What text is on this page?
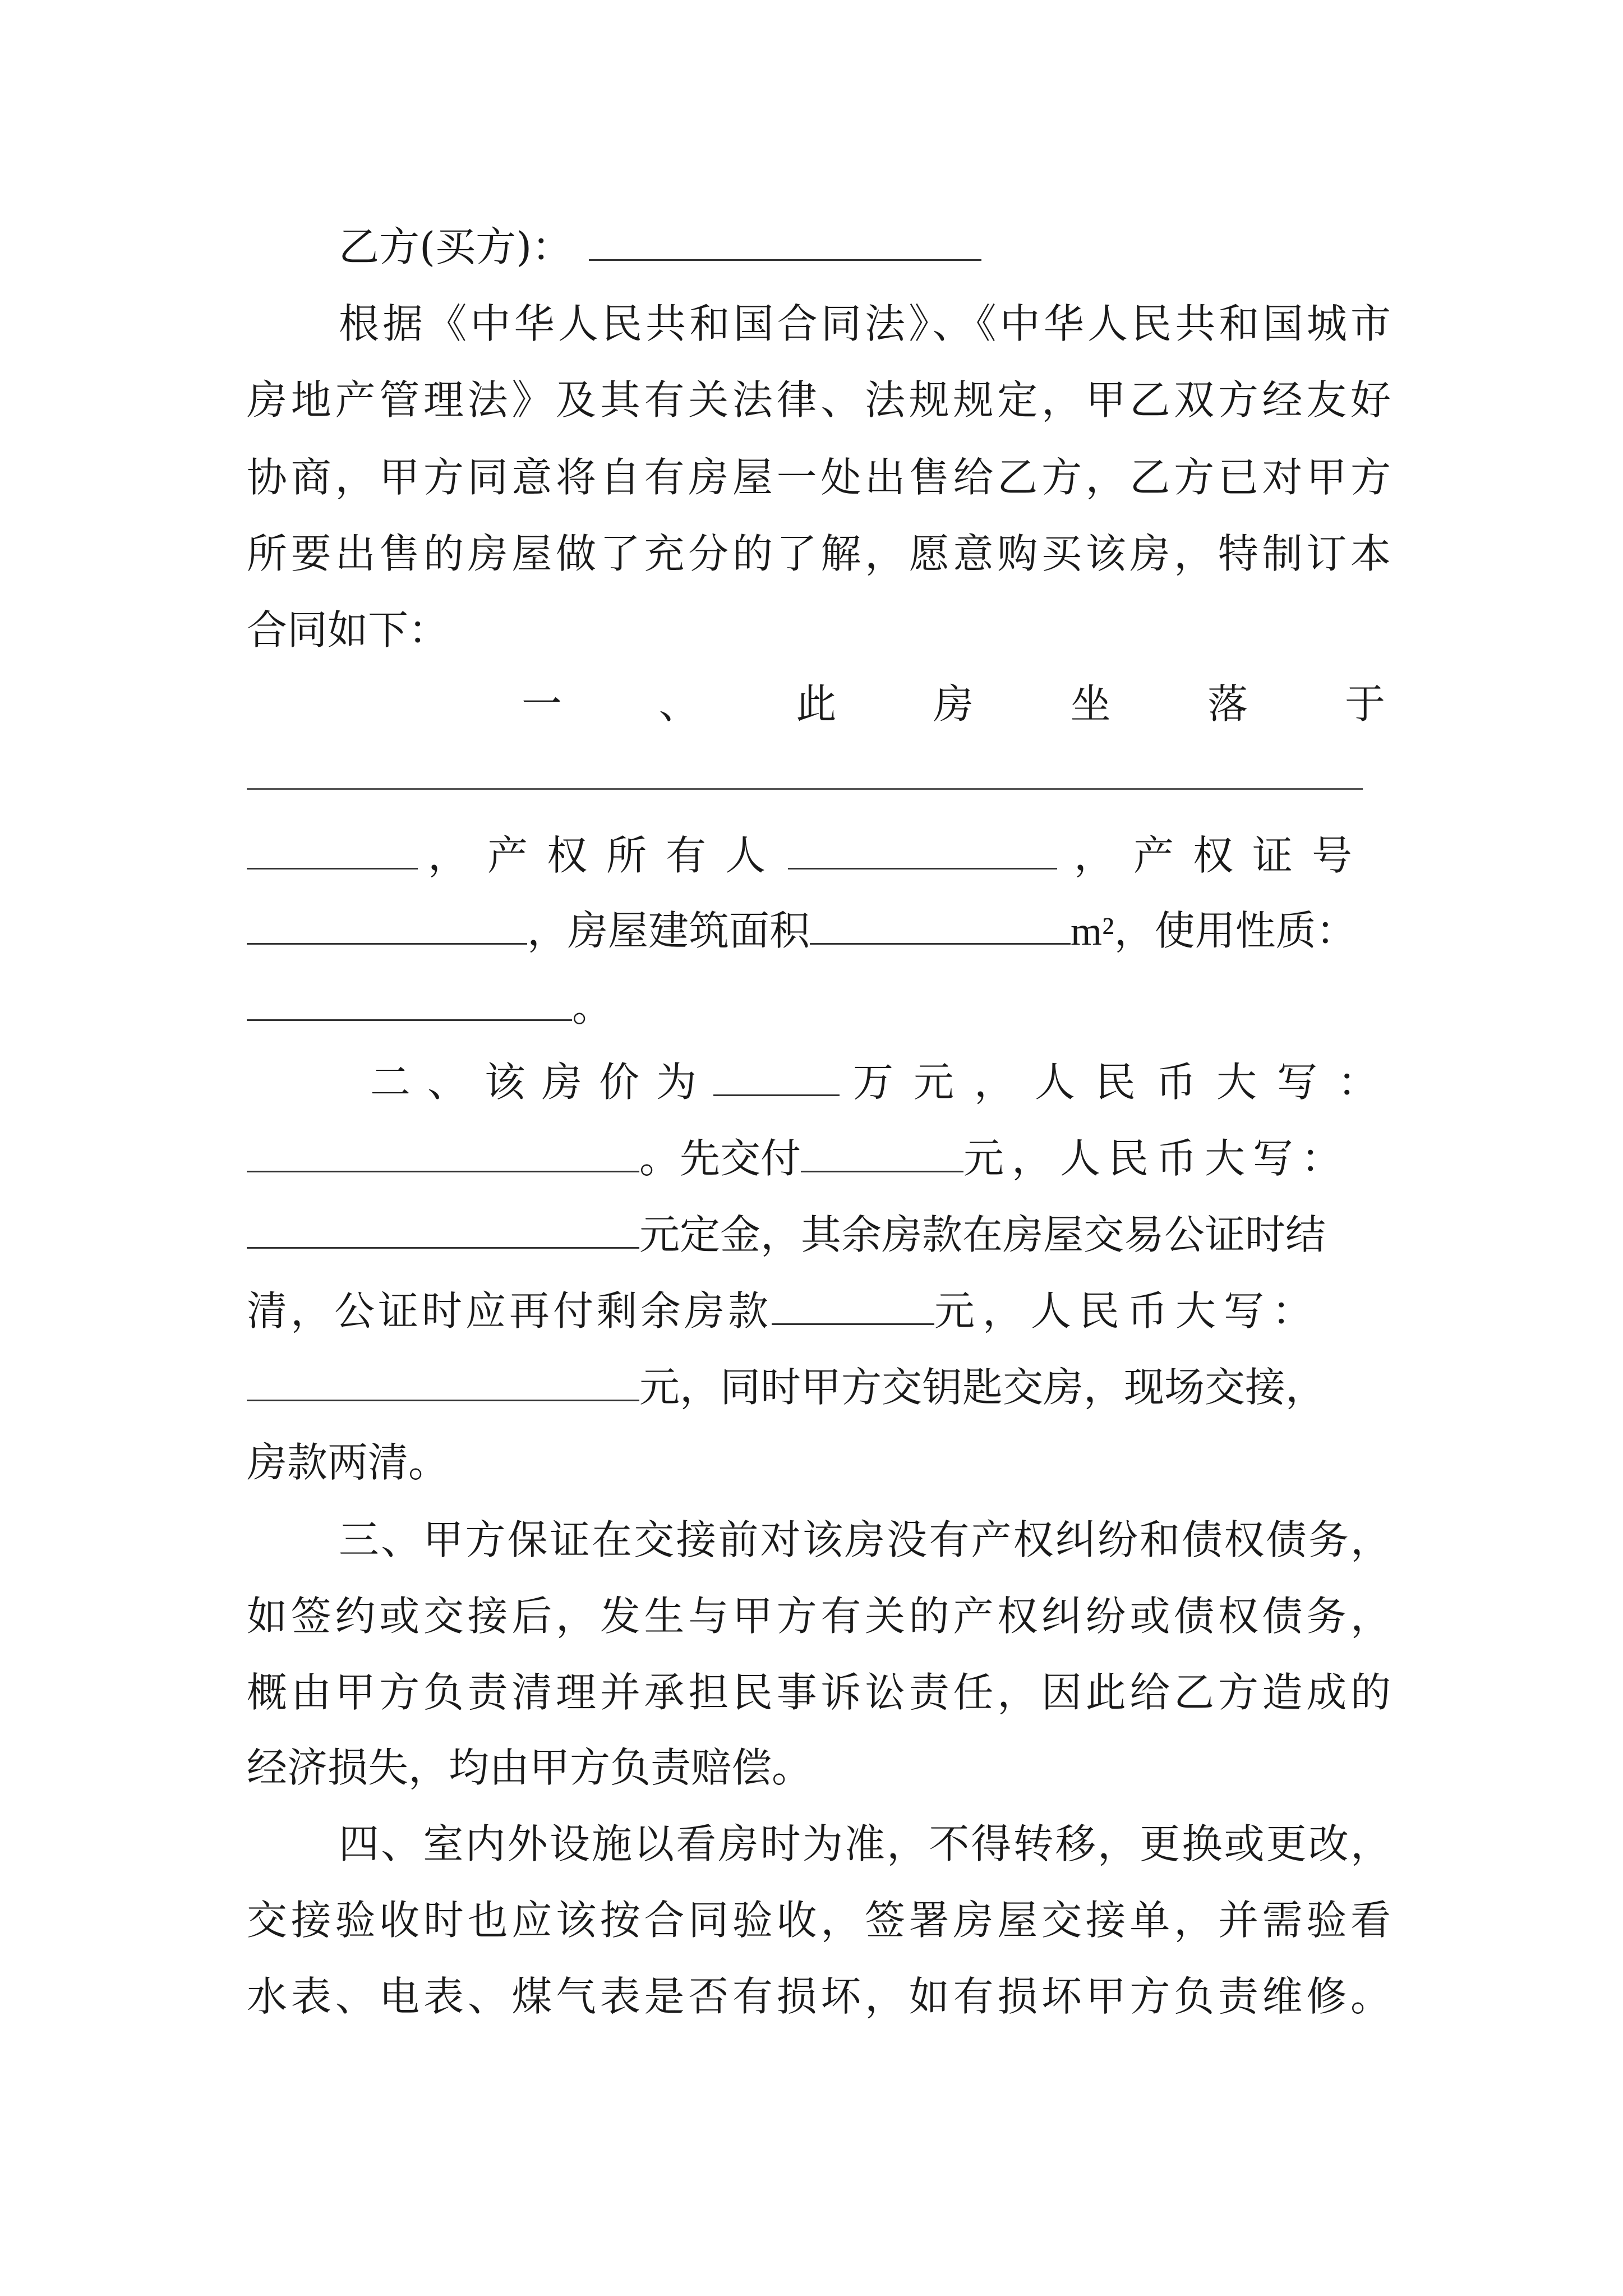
乙方(买方)：
根据《中华人民共和国合同法》、《中华人民共和国城市
房地产管理法》及其有关法律、法规规定，甲乙双方经友好
协商，甲方同意将自有房屋一处出售给乙方，乙方已对甲方
所要出售的房屋做了充分的了解，愿意购买该房，特制订本
合同如下：
一 、 此 房 坐 落 于
，产权所有人	，产权证号
，房屋建筑面积	m²，使用性质：
。
二、该房价为	万元，人民币大写：
。先交付	元，人民币大写：
元定金，其余房款在房屋交易公证时结
清，公证时应再付剩余房款	元，人民币大写：
元，同时甲方交钥匙交房，现场交接，
房款两清。
三、甲方保证在交接前对该房没有产权纠纷和债权债务，
如签约或交接后，发生与甲方有关的产权纠纷或债权债务，
概由甲方负责清理并承担民事诉讼责任，因此给乙方造成的
经济损失，均由甲方负责赔偿。
四、室内外设施以看房时为准，不得转移，更换或更改，
交接验收时也应该按合同验收，签署房屋交接单，并需验看
水表、电表、煤气表是否有损坏，如有损坏甲方负责维修。
